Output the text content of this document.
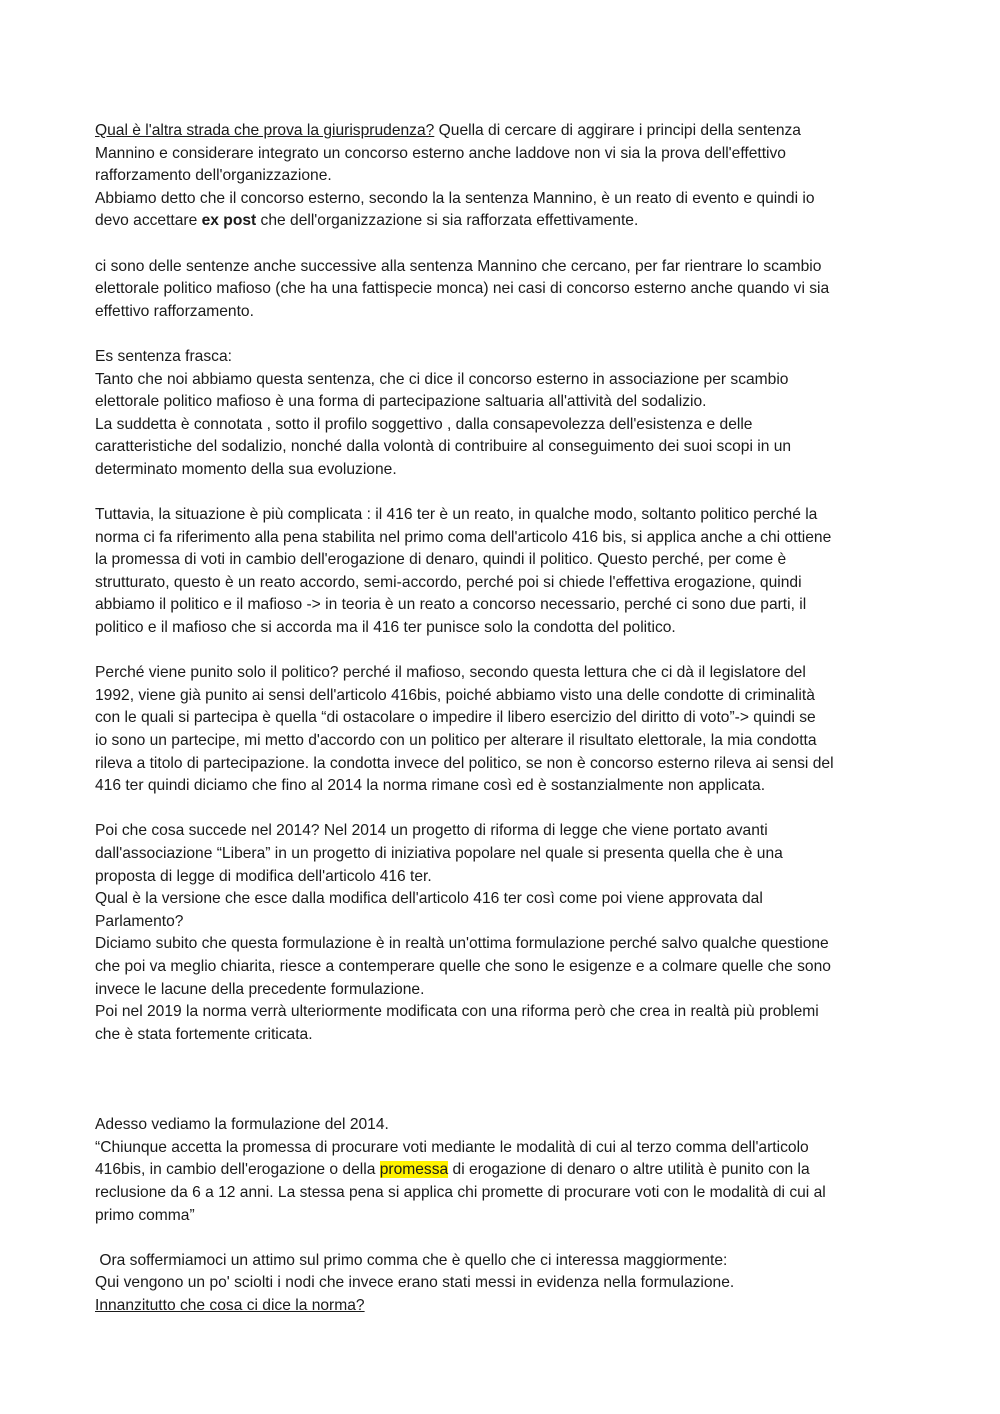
Qual è l'altra strada che prova la giurisprudenza? Quella di cercare di aggirare i principi della sentenza
Mannino e considerare integrato un concorso esterno anche laddove non vi sia la prova dell'effettivo
rafforzamento dell'organizzazione.
Abbiamo detto che il concorso esterno, secondo la la sentenza Mannino, è un reato di evento e quindi io
devo accettare ex post che dell'organizzazione si sia rafforzata effettivamente.
ci sono delle sentenze anche successive alla sentenza Mannino che cercano, per far rientrare lo scambio
elettorale politico mafioso (che ha una fattispecie monca) nei casi di concorso esterno anche quando vi sia
effettivo rafforzamento.
Es sentenza frasca:
Tanto che noi abbiamo questa sentenza, che ci dice il concorso esterno in associazione per scambio
elettorale politico mafioso è una forma di partecipazione saltuaria all'attività del sodalizio.
La suddetta è connotata , sotto il profilo soggettivo , dalla consapevolezza dell'esistenza e delle
caratteristiche del sodalizio, nonché dalla volontà di contribuire al conseguimento dei suoi scopi in un
determinato momento della sua evoluzione.
Tuttavia, la situazione è più complicata : il 416 ter è un reato, in qualche modo, soltanto politico perché la
norma ci fa riferimento alla pena stabilita nel primo coma dell'articolo 416 bis, si applica anche a chi ottiene
la promessa di voti in cambio dell'erogazione di denaro, quindi il politico. Questo perché, per come è
strutturato, questo è un reato accordo, semi-accordo, perché poi si chiede l'effettiva erogazione, quindi
abbiamo il politico e il mafioso -> in teoria è un reato a concorso necessario, perché ci sono due parti, il
politico e il mafioso che si accorda ma il 416 ter punisce solo la condotta del politico.
Perché viene punito solo il politico? perché il mafioso, secondo questa lettura che ci dà il legislatore del
1992, viene già punito ai sensi dell'articolo 416bis, poiché abbiamo visto una delle condotte di criminalità
con le quali si partecipa è quella “di ostacolare o impedire il libero esercizio del diritto di voto”-> quindi se
io sono un partecipe, mi metto d'accordo con un politico per alterare il risultato elettorale, la mia condotta
rileva a titolo di partecipazione. la condotta invece del politico, se non è concorso esterno rileva ai sensi del
416 ter quindi diciamo che fino al 2014 la norma rimane così ed è sostanzialmente non applicata.
Poi che cosa succede nel 2014? Nel 2014 un progetto di riforma di legge che viene portato avanti
dall'associazione “Libera” in un progetto di iniziativa popolare nel quale si presenta quella che è una
proposta di legge di modifica dell'articolo 416 ter.
Qual è la versione che esce dalla modifica dell'articolo 416 ter così come poi viene approvata dal
Parlamento?
Diciamo subito che questa formulazione è in realtà un'ottima formulazione perché salvo qualche questione
che poi va meglio chiarita, riesce a contemperare quelle che sono le esigenze e a colmare quelle che sono
invece le lacune della precedente formulazione.
Poi nel 2019 la norma verrà ulteriormente modificata con una riforma però che crea in realtà più problemi
che è stata fortemente criticata.
Adesso vediamo la formulazione del 2014.
“Chiunque accetta la promessa di procurare voti mediante le modalità di cui al terzo comma dell'articolo
416bis, in cambio dell'erogazione o della promessa di erogazione di denaro o altre utilità è punito con la
reclusione da 6 a 12 anni. La stessa pena si applica chi promette di procurare voti con le modalità di cui al
primo comma”
Ora soffermiamoci un attimo sul primo comma che è quello che ci interessa maggiormente:
Qui vengono un po' sciolti i nodi che invece erano stati messi in evidenza nella formulazione.
Innanzitutto che cosa ci dice la norma?
